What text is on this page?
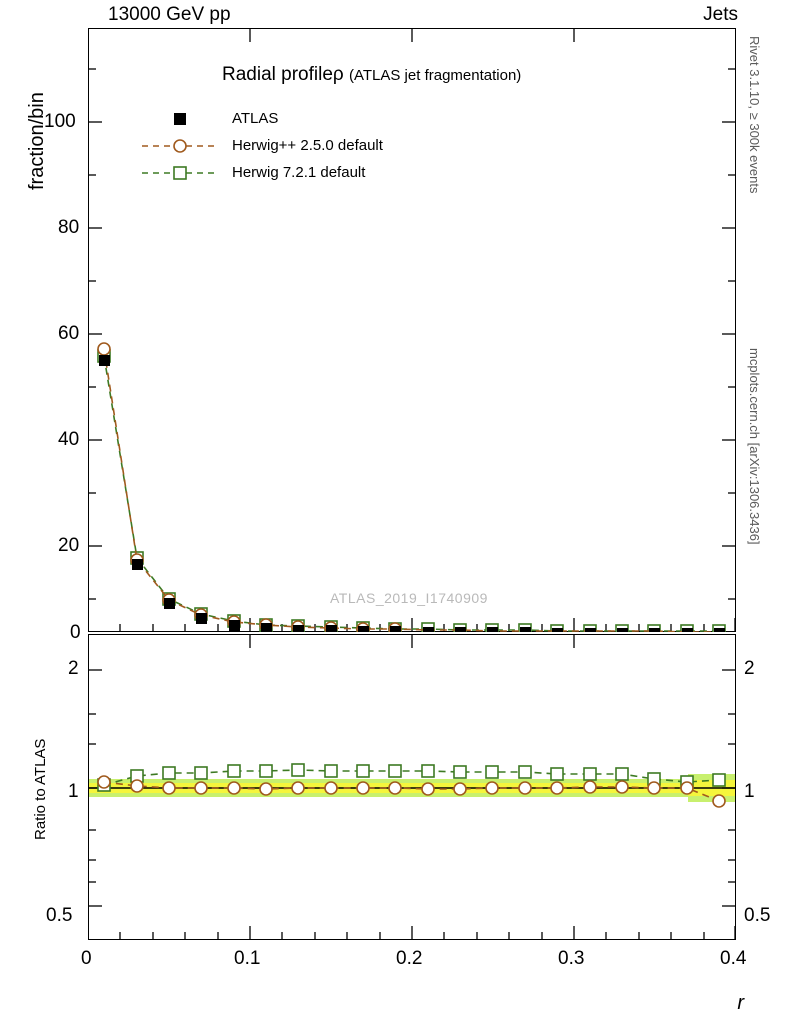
13000 GeV pp	Jets
Rivet 3.1.10, ≥ 300k events
mcplots.cern.ch [arXiv:1306.3436]
fraction/bin
Ratio to ATLAS
r
Radial profileρ (ATLAS jet fragmentation)
ATLAS
Herwig++ 2.5.0 default
Herwig 7.2.1 default
ATLAS_2019_I1740909
100
80
60
40
20
0
2
1
0.5
2
1
0.5
0	0.1	0.2	0.3	0.4
